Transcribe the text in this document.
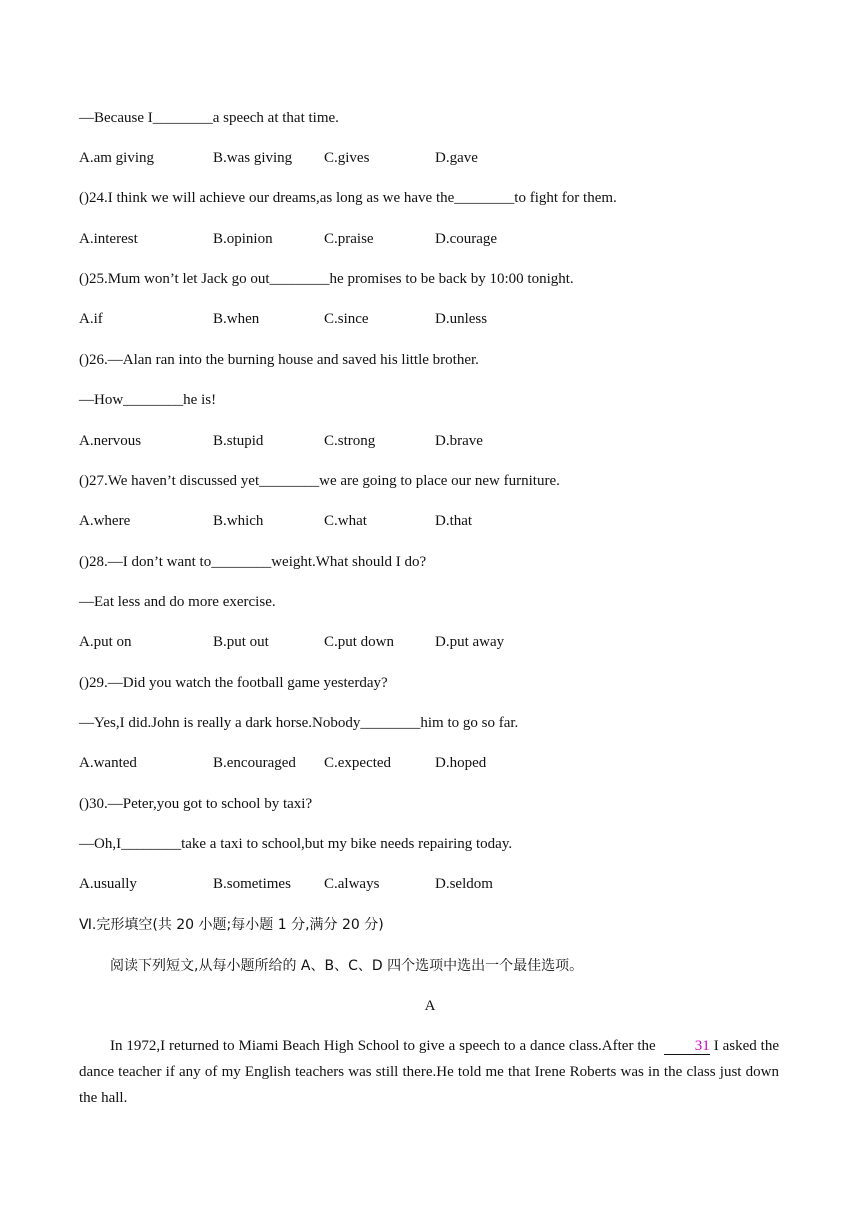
—Because I________a speech at that time.
A.am giving	B.was giving C.gives	D.gave
()24.I think we will achieve our dreams,as long as we have the________to fight for them.
A.interest	B.opinion	C.praise	D.courage
()25.Mum won’t let Jack go out________he promises to be back by 10:00 tonight.
A.if	B.when	C.since	D.unless
()26.—Alan ran into the burning house and saved his little brother.
—How________he is!
A.nervous	B.stupid	C.strong	D.brave
()27.We haven’t discussed yet________we are going to place our new furniture.
A.where	B.which	C.what	D.that
()28.—I don’t want to________weight.What should I do?
—Eat less and do more exercise.
A.put on	B.put out	C.put down	D.put away
()29.—Did you watch the football game yesterday?
—Yes,I did.John is really a dark horse.Nobody________him to go so far.
A.wanted	B.encouraged C.expected	D.hoped
()30.—Peter,you got to school by taxi?
—Oh,I________take a taxi to school,but my bike needs repairing today.
A.usually	B.sometimes C.always	D.seldom
Ⅵ.完形填空(共 20 小题;每小题 1 分,满分 20 分)
阅读下列短文,从每小题所给的 A、B、C、D 四个选项中选出一个最佳选项。
A
In 1972,I returned to Miami Beach High School to give a speech to a dance class.After the	31 I asked the dance teacher if any of my English teachers was still there.He told me that Irene Roberts was in the class just down the hall.
